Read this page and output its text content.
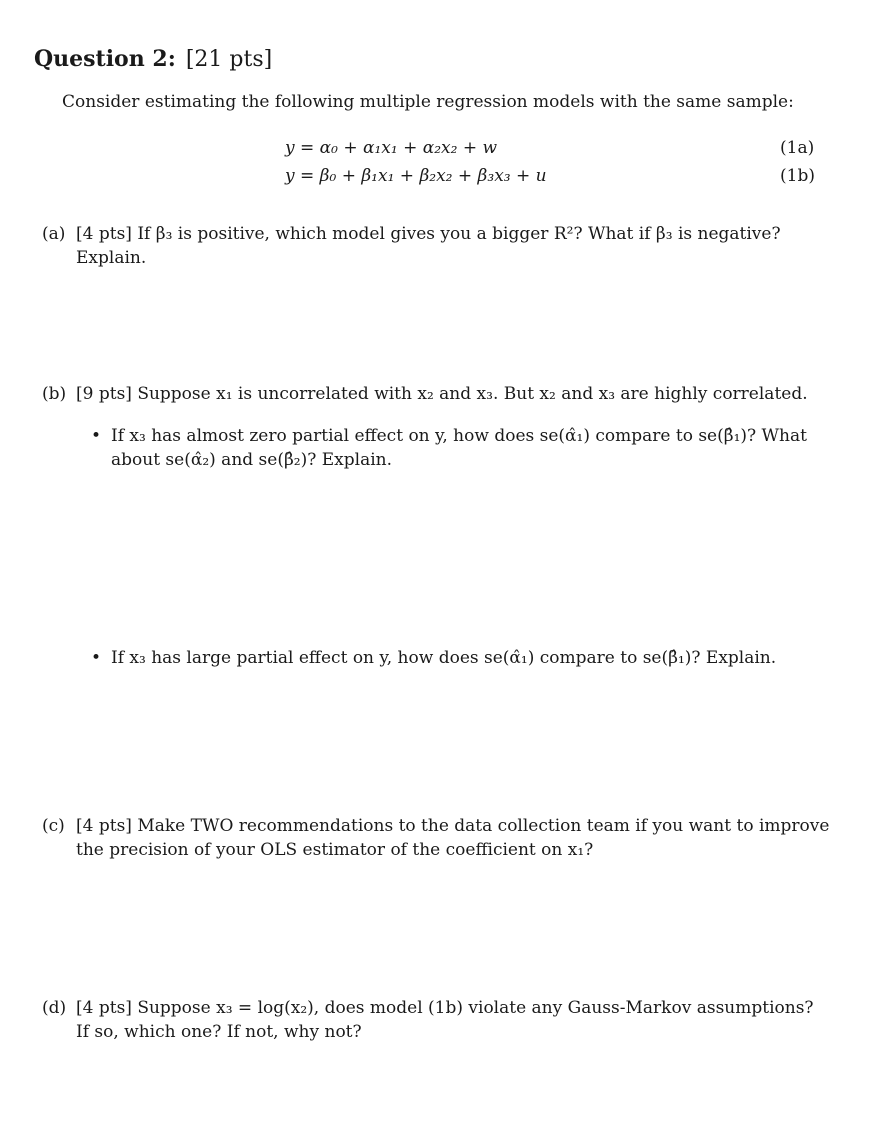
Question 2: [21 pts]
Consider estimating the following multiple regression models with the same sample:
y = α₀ + α₁x₁ + α₂x₂ + w	(1a)
y = β₀ + β₁x₁ + β₂x₂ + β₃x₃ + u	(1b)
(a) [4 pts] If β₃ is positive, which model gives you a bigger R²? What if β₃ is negative?
Explain.
(b) [9 pts] Suppose x₁ is uncorrelated with x₂ and x₃. But x₂ and x₃ are highly correlated.
• If x₃ has almost zero partial effect on y, how does se(α̂₁) compare to se(β̂₁)? What
about se(α̂₂) and se(β̂₂)? Explain.
• If x₃ has large partial effect on y, how does se(α̂₁) compare to se(β̂₁)? Explain.
(c) [4 pts] Make TWO recommendations to the data collection team if you want to improve
the precision of your OLS estimator of the coefficient on x₁?
(d) [4 pts] Suppose x₃ = log(x₂), does model (1b) violate any Gauss-Markov assumptions?
If so, which one? If not, why not?
